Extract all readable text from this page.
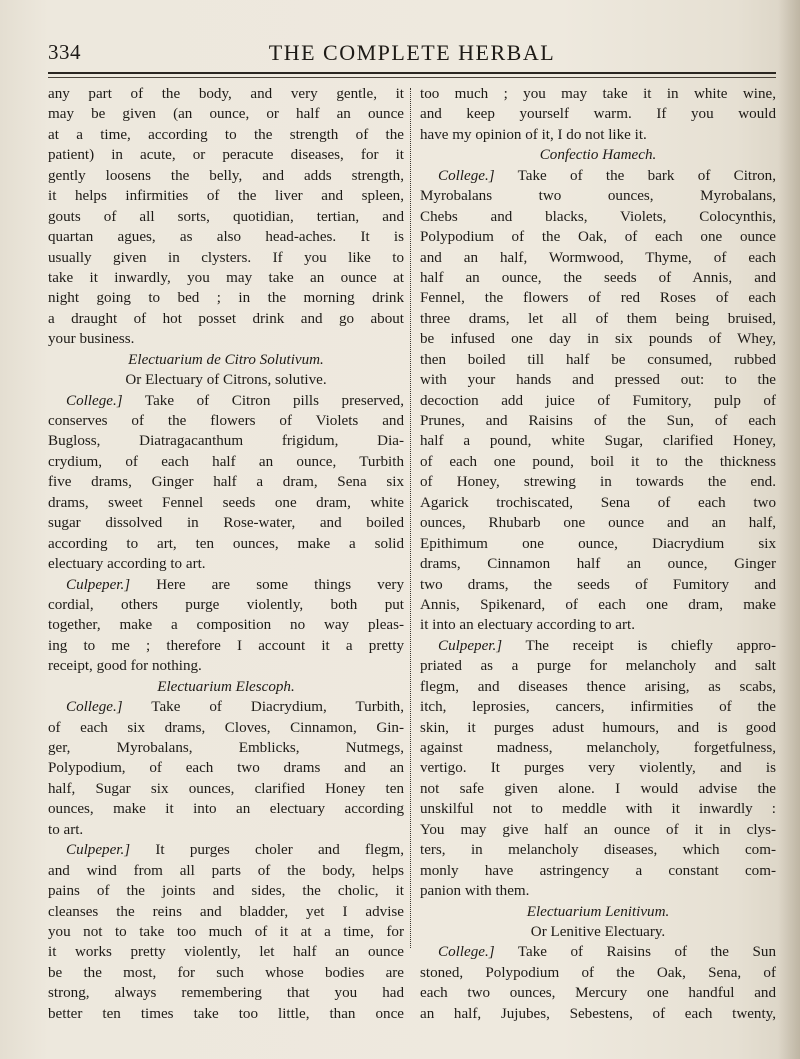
334	THE COMPLETE HERBAL
any part of the body, and very gentle, it
may be given (an ounce, or half an ounce
at a time, according to the strength of the
patient) in acute, or peracute diseases, for it
gently loosens the belly, and adds strength,
it helps infirmities of the liver and spleen,
gouts of all sorts, quotidian, tertian, and
quartan agues, as also head-aches. It is
usually given in clysters. If you like to
take it inwardly, you may take an ounce at
night going to bed ; in the morning drink
a draught of hot posset drink and go about
your business.
Electuarium de Citro Solutivum.
Or Electuary of Citrons, solutive.
College.] Take of Citron pills preserved,
conserves of the flowers of Violets and
Bugloss, Diatragacanthum frigidum, Dia-
crydium, of each half an ounce, Turbith
five drams, Ginger half a dram, Sena six
drams, sweet Fennel seeds one dram, white
sugar dissolved in Rose-water, and boiled
according to art, ten ounces, make a solid
electuary according to art.
Culpeper.] Here are some things very
cordial, others purge violently, both put
together, make a composition no way pleas-
ing to me ; therefore I account it a pretty
receipt, good for nothing.
Electuarium Elescoph.
College.] Take of Diacrydium, Turbith,
of each six drams, Cloves, Cinnamon, Gin-
ger, Myrobalans, Emblicks, Nutmegs,
Polypodium, of each two drams and an
half, Sugar six ounces, clarified Honey ten
ounces, make it into an electuary according
to art.
Culpeper.] It purges choler and flegm,
and wind from all parts of the body, helps
pains of the joints and sides, the cholic, it
cleanses the reins and bladder, yet I advise
you not to take too much of it at a time, for
it works pretty violently, let half an ounce
be the most, for such whose bodies are
strong, always remembering that you had
better ten times take too little, than once
too much ; you may take it in white wine,
and keep yourself warm. If you would
have my opinion of it, I do not like it.
Confectio Hamech.
College.] Take of the bark of Citron,
Myrobalans two ounces, Myrobalans,
Chebs and blacks, Violets, Colocynthis,
Polypodium of the Oak, of each one ounce
and an half, Wormwood, Thyme, of each
half an ounce, the seeds of Annis, and
Fennel, the flowers of red Roses of each
three drams, let all of them being bruised,
be infused one day in six pounds of Whey,
then boiled till half be consumed, rubbed
with your hands and pressed out: to the
decoction add juice of Fumitory, pulp of
Prunes, and Raisins of the Sun, of each
half a pound, white Sugar, clarified Honey,
of each one pound, boil it to the thickness
of Honey, strewing in towards the end.
Agarick trochiscated, Sena of each two
ounces, Rhubarb one ounce and an half,
Epithimum one ounce, Diacrydium six
drams, Cinnamon half an ounce, Ginger
two drams, the seeds of Fumitory and
Annis, Spikenard, of each one dram, make
it into an electuary according to art.
Culpeper.] The receipt is chiefly appro-
priated as a purge for melancholy and salt
flegm, and diseases thence arising, as scabs,
itch, leprosies, cancers, infirmities of the
skin, it purges adust humours, and is good
against madness, melancholy, forgetfulness,
vertigo. It purges very violently, and is
not safe given alone. I would advise the
unskilful not to meddle with it inwardly :
You may give half an ounce of it in clys-
ters, in melancholy diseases, which com-
monly have astringency a constant com-
panion with them.
Electuarium Lenitivum.
Or Lenitive Electuary.
College.] Take of Raisins of the Sun
stoned, Polypodium of the Oak, Sena, of
each two ounces, Mercury one handful and
an half, Jujubes, Sebestens, of each twenty,
